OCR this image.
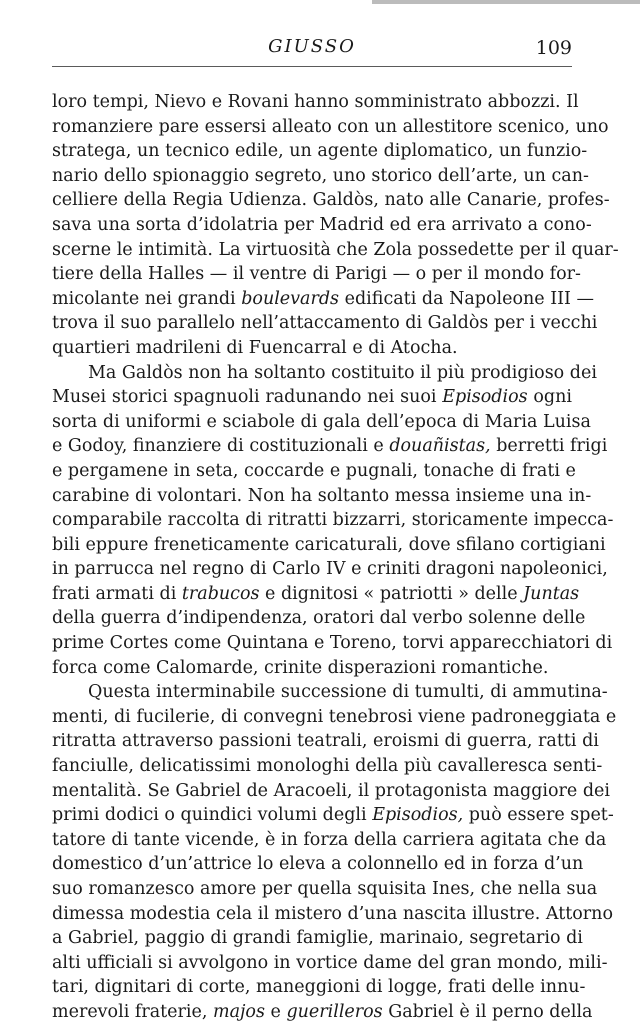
GIUSSO	109
loro tempi, Nievo e Rovani hanno somministrato abbozzi. Il
romanziere pare essersi alleato con un allestitore scenico, uno
stratega, un tecnico edile, un agente diplomatico, un funzio-
nario dello spionaggio segreto, uno storico dell’arte, un can-
celliere della Regia Udienza. Galdòs, nato alle Canarie, profes-
sava una sorta d’idolatria per Madrid ed era arrivato a cono-
scerne le intimità. La virtuosità che Zola possedette per il quar-
tiere della Halles — il ventre di Parigi — o per il mondo for-
micolante nei grandi boulevards edificati da Napoleone III —
trova il suo parallelo nell’attaccamento di Galdòs per i vecchi
quartieri madrileni di Fuencarral e di Atocha.
Ma Galdòs non ha soltanto costituito il più prodigioso dei
Musei storici spagnuoli radunando nei suoi Episodios ogni
sorta di uniformi e sciabole di gala dell’epoca di Maria Luisa
e Godoy, finanziere di costituzionali e douañistas, berretti frigi
e pergamene in seta, coccarde e pugnali, tonache di frati e
carabine di volontari. Non ha soltanto messa insieme una in-
comparabile raccolta di ritratti bizzarri, storicamente impecca-
bili eppure freneticamente caricaturali, dove sfilano cortigiani
in parrucca nel regno di Carlo IV e criniti dragoni napoleonici,
frati armati di trabucos e dignitosi « patriotti » delle Juntas
della guerra d’indipendenza, oratori dal verbo solenne delle
prime Cortes come Quintana e Toreno, torvi apparecchiatori di
forca come Calomarde, crinite disperazioni romantiche.
Questa interminabile successione di tumulti, di ammutina-
menti, di fucilerie, di convegni tenebrosi viene padroneggiata e
ritratta attraverso passioni teatrali, eroismi di guerra, ratti di
fanciulle, delicatissimi monologhi della più cavalleresca senti-
mentalità. Se Gabriel de Aracoeli, il protagonista maggiore dei
primi dodici o quindici volumi degli Episodios, può essere spet-
tatore di tante vicende, è in forza della carriera agitata che da
domestico d’un’attrice lo eleva a colonnello ed in forza d’un
suo romanzesco amore per quella squisita Ines, che nella sua
dimessa modestia cela il mistero d’una nascita illustre. Attorno
a Gabriel, paggio di grandi famiglie, marinaio, segretario di
alti ufficiali si avvolgono in vortice dame del gran mondo, mili-
tari, dignitari di corte, maneggioni di logge, frati delle innu-
merevoli fraterie, majos e guerilleros Gabriel è il perno della
